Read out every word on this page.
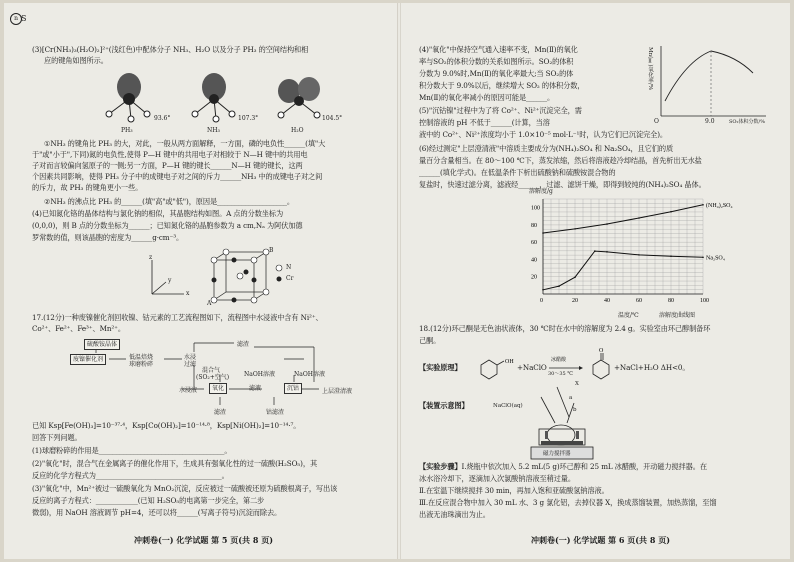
n S
(3)[Cr(NH₃)₃(H₂O)₂]²⁺(浅红色)中配体分子 NH₃、H₂O 以及分子 PH₃ 的空间结构和相
应的键角如图所示。
93.6°	107.3°	104.5°
PH₃	NH₃	H₂O
①NH₃ 的键角比 PH₃ 的大，对此，一般从两方面解释，一方面，磷的电负性______(填"大
于"或"小于",下同)氮的电负性,使得 P—H 键中的共用电子对相较于 N—H 键中的共用电
子对而言较偏向氢原子的一侧;另一方面，P—H 键的键长______N—H 键的键长，这两
个因素共同影响，使得 PH₃ 分子中的成键电子对之间的斥力______NH₃ 中的成键电子对之间
的斥力，故 PH₃ 的键角更小一些。
②NH₃ 的沸点比 PH₃ 的______(填"高"或"低")，原因是____________________。
(4)已知氮化铬的晶体结构与氯化钠的相似，其晶胞结构如图。A 点的分数坐标为
(0,0,0)，则 B 点的分数坐标为______；已知氮化铬的晶胞参数为 a cm,Nₐ 为阿伏加德
罗常数的值，则该晶胞的密度为______g·cm⁻³。
z
y
x
N
Cr
A
B
17.(12分)一种废镍催化剂回收镍、钴元素的工艺流程图如下，流程图中水浸液中含有 Ni²⁺、
Co²⁺、Fe²⁺、Fe³⁺、Mn²⁺。
硫酸铵晶体
废镍催化剂	低温焙烧
球磨粉碎
水浸
过滤
滤渣
混合气
(SO₂+空气) NaOH溶液	NaOH溶液
水浸液	氧化	滤液	沉钴	上层澄清液
滤渣	钴滤渣
已知 Ksp[Fe(OH)₃]=10⁻³⁷·⁴，Ksp[Co(OH)₂]=10⁻¹⁴·⁸，Ksp[Ni(OH)₂]=10⁻¹⁴·⁷。
回答下列问题。
(1)球磨粉碎的作用是____________________________________。
(2)"氧化"时，混合气在金属离子的催化作用下，生成具有强氧化性的过一硫酸(H₂SO₅)，其
反应的化学方程式为____________________________________。
(3)"氧化"中，Mn²⁺被过一硫酸氧化为 MnO₂沉淀，反应被过一硫酸被还原为硫酸根离子，写出该
反应的离子方程式：____________(已知 H₂SO₅的电离第一步完全，第二步
微弱)，用 NaOH 溶液调节 pH=4，还可以将______(写离子符号)沉淀而除去。
冲刺卷(一) 化学试题 第 5 页(共 8 页)
(4)"氧化"中保持空气通入速率不变，Mn(Ⅱ)的氧化
率与SO₂的体积分数的关系如图所示。SO₂的体积
分数为 9.0%时,Mn(Ⅱ)的氧化率最大;当 SO₂的体
积分数大于 9.0%以后，继续增大 SO₂ 的体积分数，
Mn(Ⅱ)的氧化率减小的原因可能是______。
(5)"沉钴镍"过程中为了将 Co²⁺、Ni²⁺沉淀完全，需
控制溶液的 pH 不低于______(计算，当溶
液中的 Co²⁺、Ni²⁺浓度均小于 1.0×10⁻⁵ mol·L⁻¹时，认为它们已沉淀完全)。
(6)经过测定"上层澄清液"中溶质主要成分为(NH₄)₂SO₄ 和 Na₂SO₄，且它们的质
量百分含量相当。在 80～100 ℃下，蒸发浓缩，然后将溶液趁冷却结晶，首先析出无水盐
______(填化学式)。在低温条件下析出硫酸钠和硫酸铵混合物的
复盐时，快速过滤分离，滤液经______，过滤、滤饼干燥，即得到较纯的(NH₄)₂SO₄ 晶体。
Mn(Ⅱ)氧化率/%
O	9.0	SO₂体积分数/%
0	20	40	60	80	100
20
40
60
80
100	(NH₄)₂SO₄
Na₂SO₄
溶解度/g
温度/℃	溶解度曲线图
18.(12分)环己酮是无色油状液体，30 ℃时在水中的溶解度为 2.4 g。实验室由环己醇制备环
己酮。
【实验原理】
OH
+NaClO
冰醋酸
30～35 ℃
O
+NaCl+H₂O ΔH<0。
【装置示意图】	NaClO(aq)
X
a
b
磁力搅拌器
【实验步骤】Ⅰ.烧瓶中依次加入 5.2 mL(5 g)环己醇和 25 mL 冰醋酸，开动磁力搅拌器。在
冰水浴冷却下，逐滴加入次氯酸钠溶液至稍过量。
Ⅱ.在室温下继续搅拌 30 min，再加入饱和亚硫酸氢钠溶液。
Ⅲ.在反应混合物中加入 30 mL 水、3 g 氯化铝，去掉仪器 X，换成蒸馏装置，加热蒸馏，至馏
出液无油珠滴出为止。
冲刺卷(一) 化学试题 第 6 页(共 8 页)
